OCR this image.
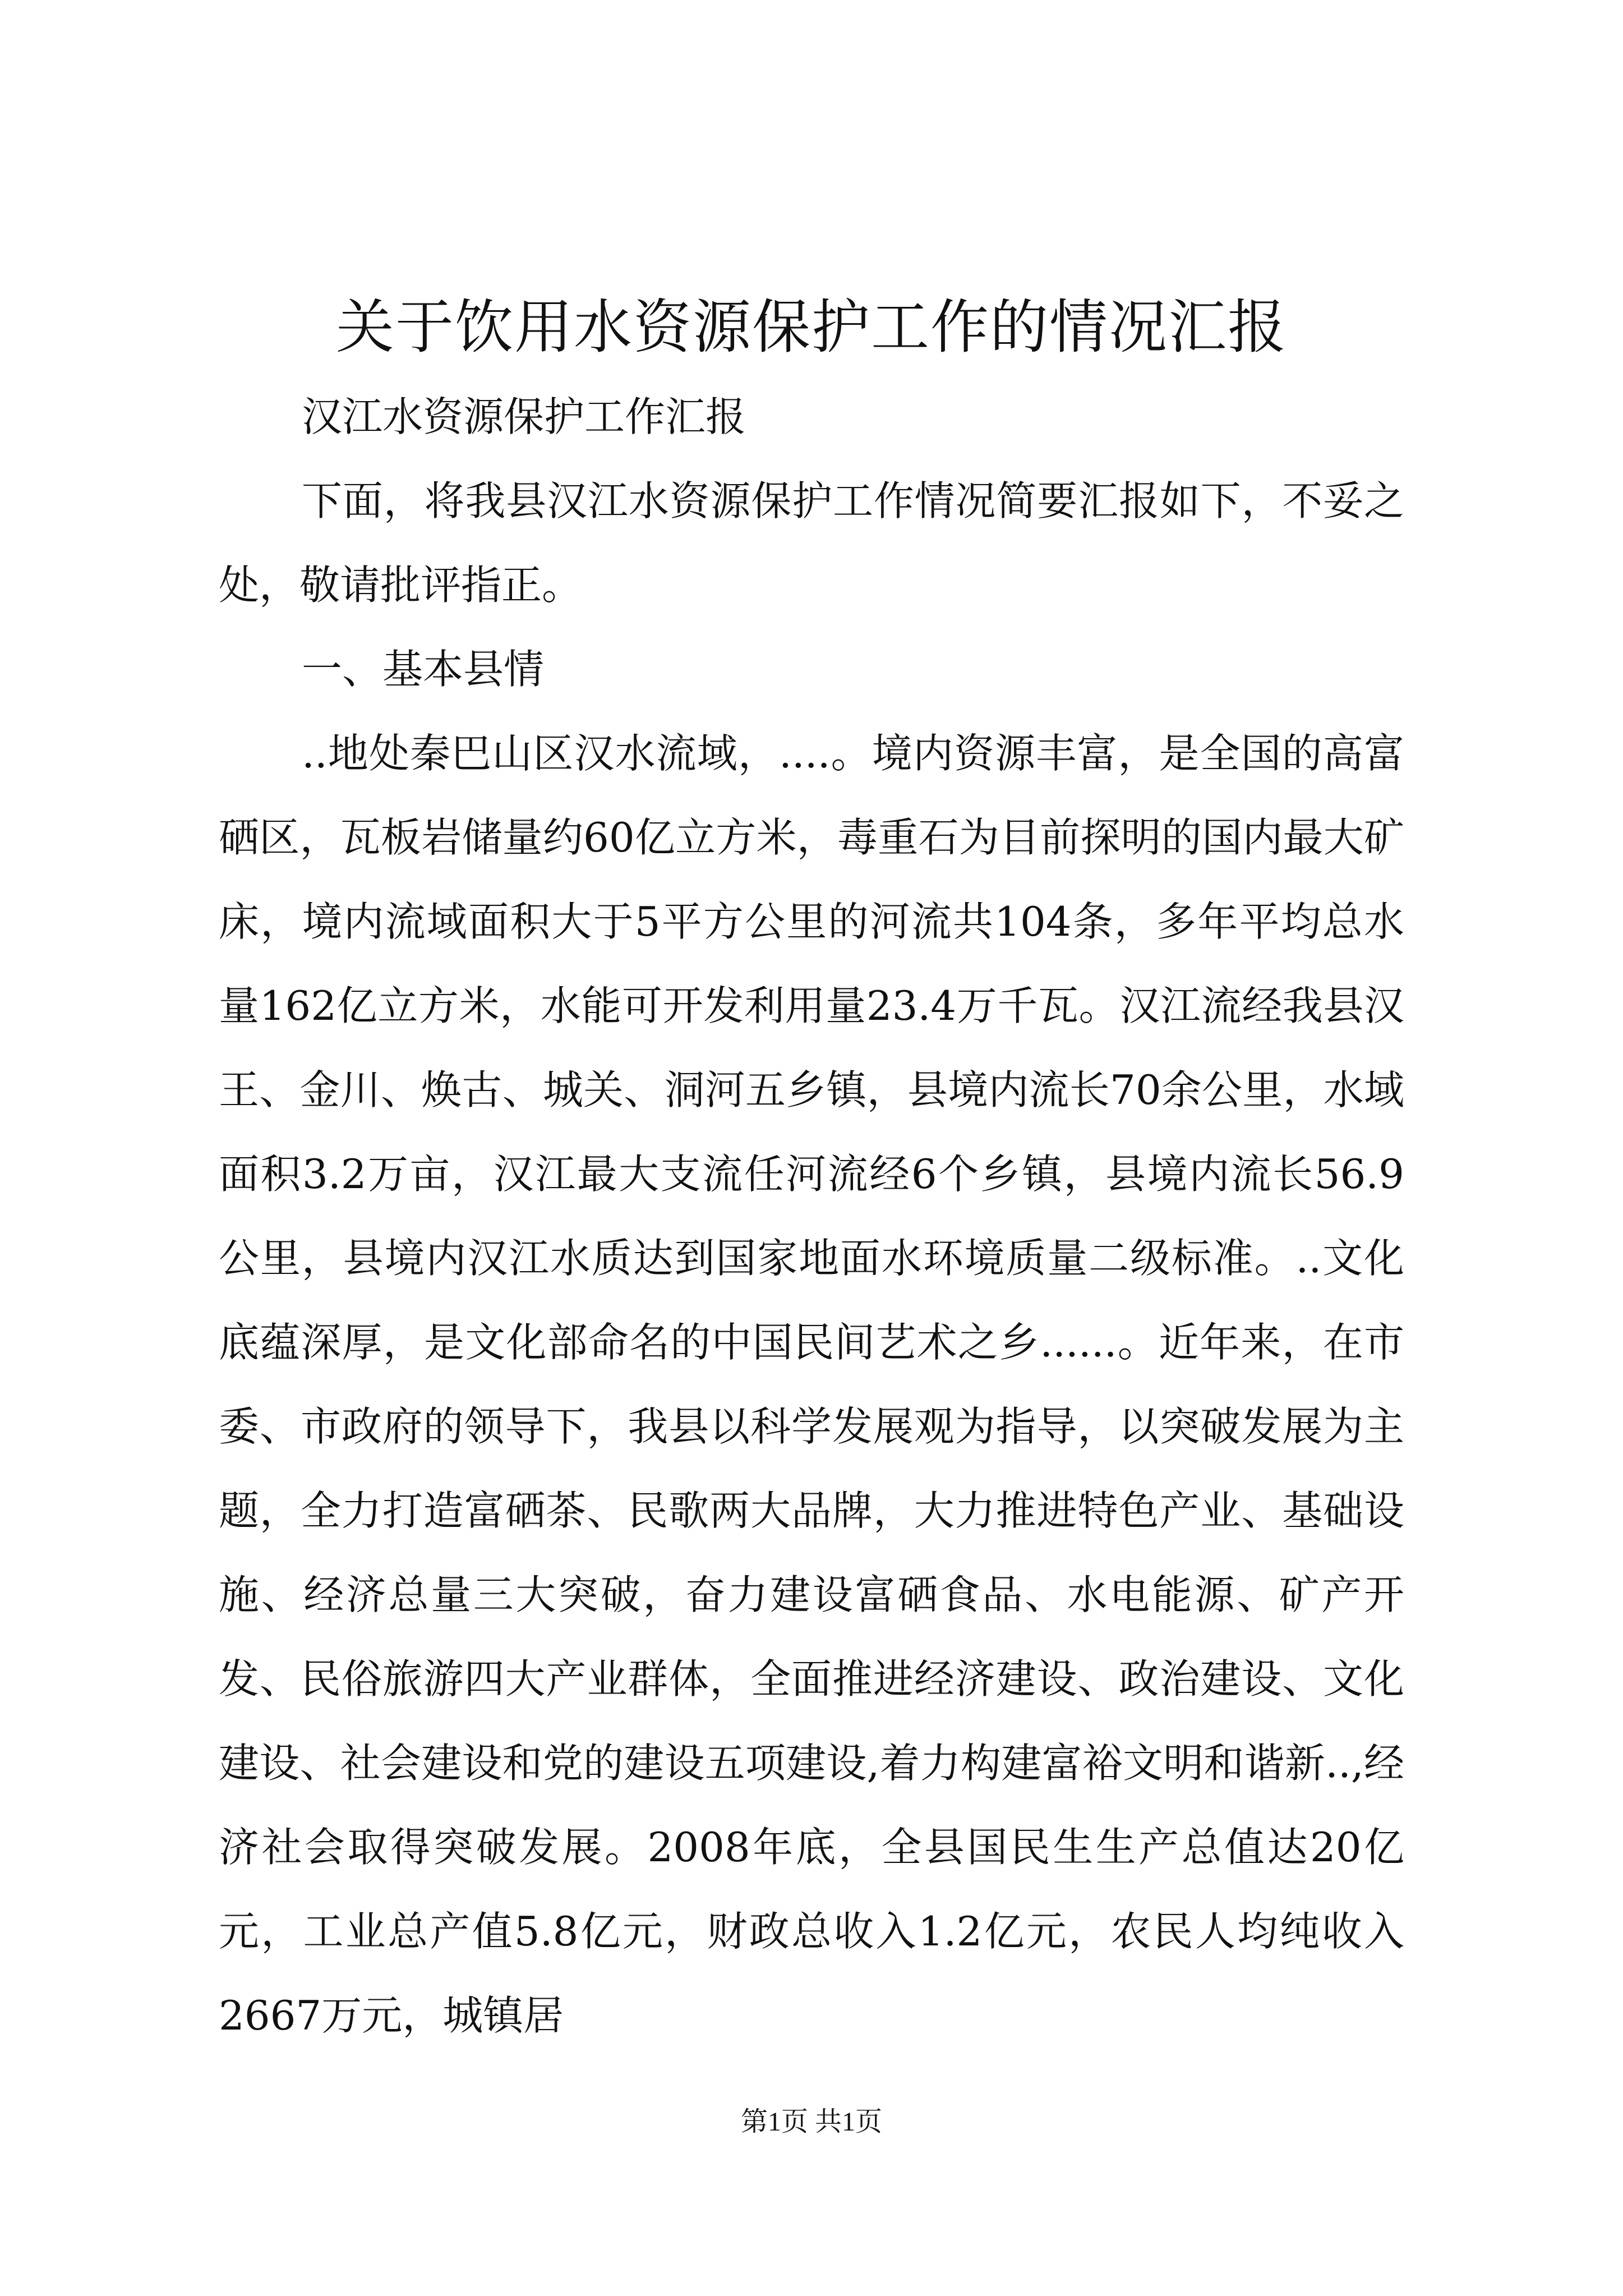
关于饮用水资源保护工作的情况汇报

汉江水资源保护工作汇报

下面，将我县汉江水资源保护工作情况简要汇报如下，不妥之处，敬请批评指正。

一、基本县情

..地处秦巴山区汉水流域，....。境内资源丰富，是全国的高富硒区，瓦板岩储量约60亿立方米，毒重石为目前探明的国内最大矿床，境内流域面积大于5平方公里的河流共104条，多年平均总水量162亿立方米，水能可开发利用量23.4万千瓦。汉江流经我县汉王、金川、焕古、城关、洞河五乡镇，县境内流长70余公里，水域面积3.2万亩，汉江最大支流任河流经6个乡镇，县境内流长56.9公里，县境内汉江水质达到国家地面水环境质量二级标准。..文化底蕴深厚，是文化部命名的中国民间艺术之乡......。近年来，在市委、市政府的领导下，我县以科学发展观为指导，以突破发展为主题，全力打造富硒茶、民歌两大品牌，大力推进特色产业、基础设施、经济总量三大突破，奋力建设富硒食品、水电能源、矿产开发、民俗旅游四大产业群体，全面推进经济建设、政治建设、文化建设、社会建设和党的建设五项建设,着力构建富裕文明和谐新..,经济社会取得突破发展。2008年底，全县国民生生产总值达20亿元，工业总产值5.8亿元，财政总收入1.2亿元，农民人均纯收入2667万元，城镇居

第1页 共1页
